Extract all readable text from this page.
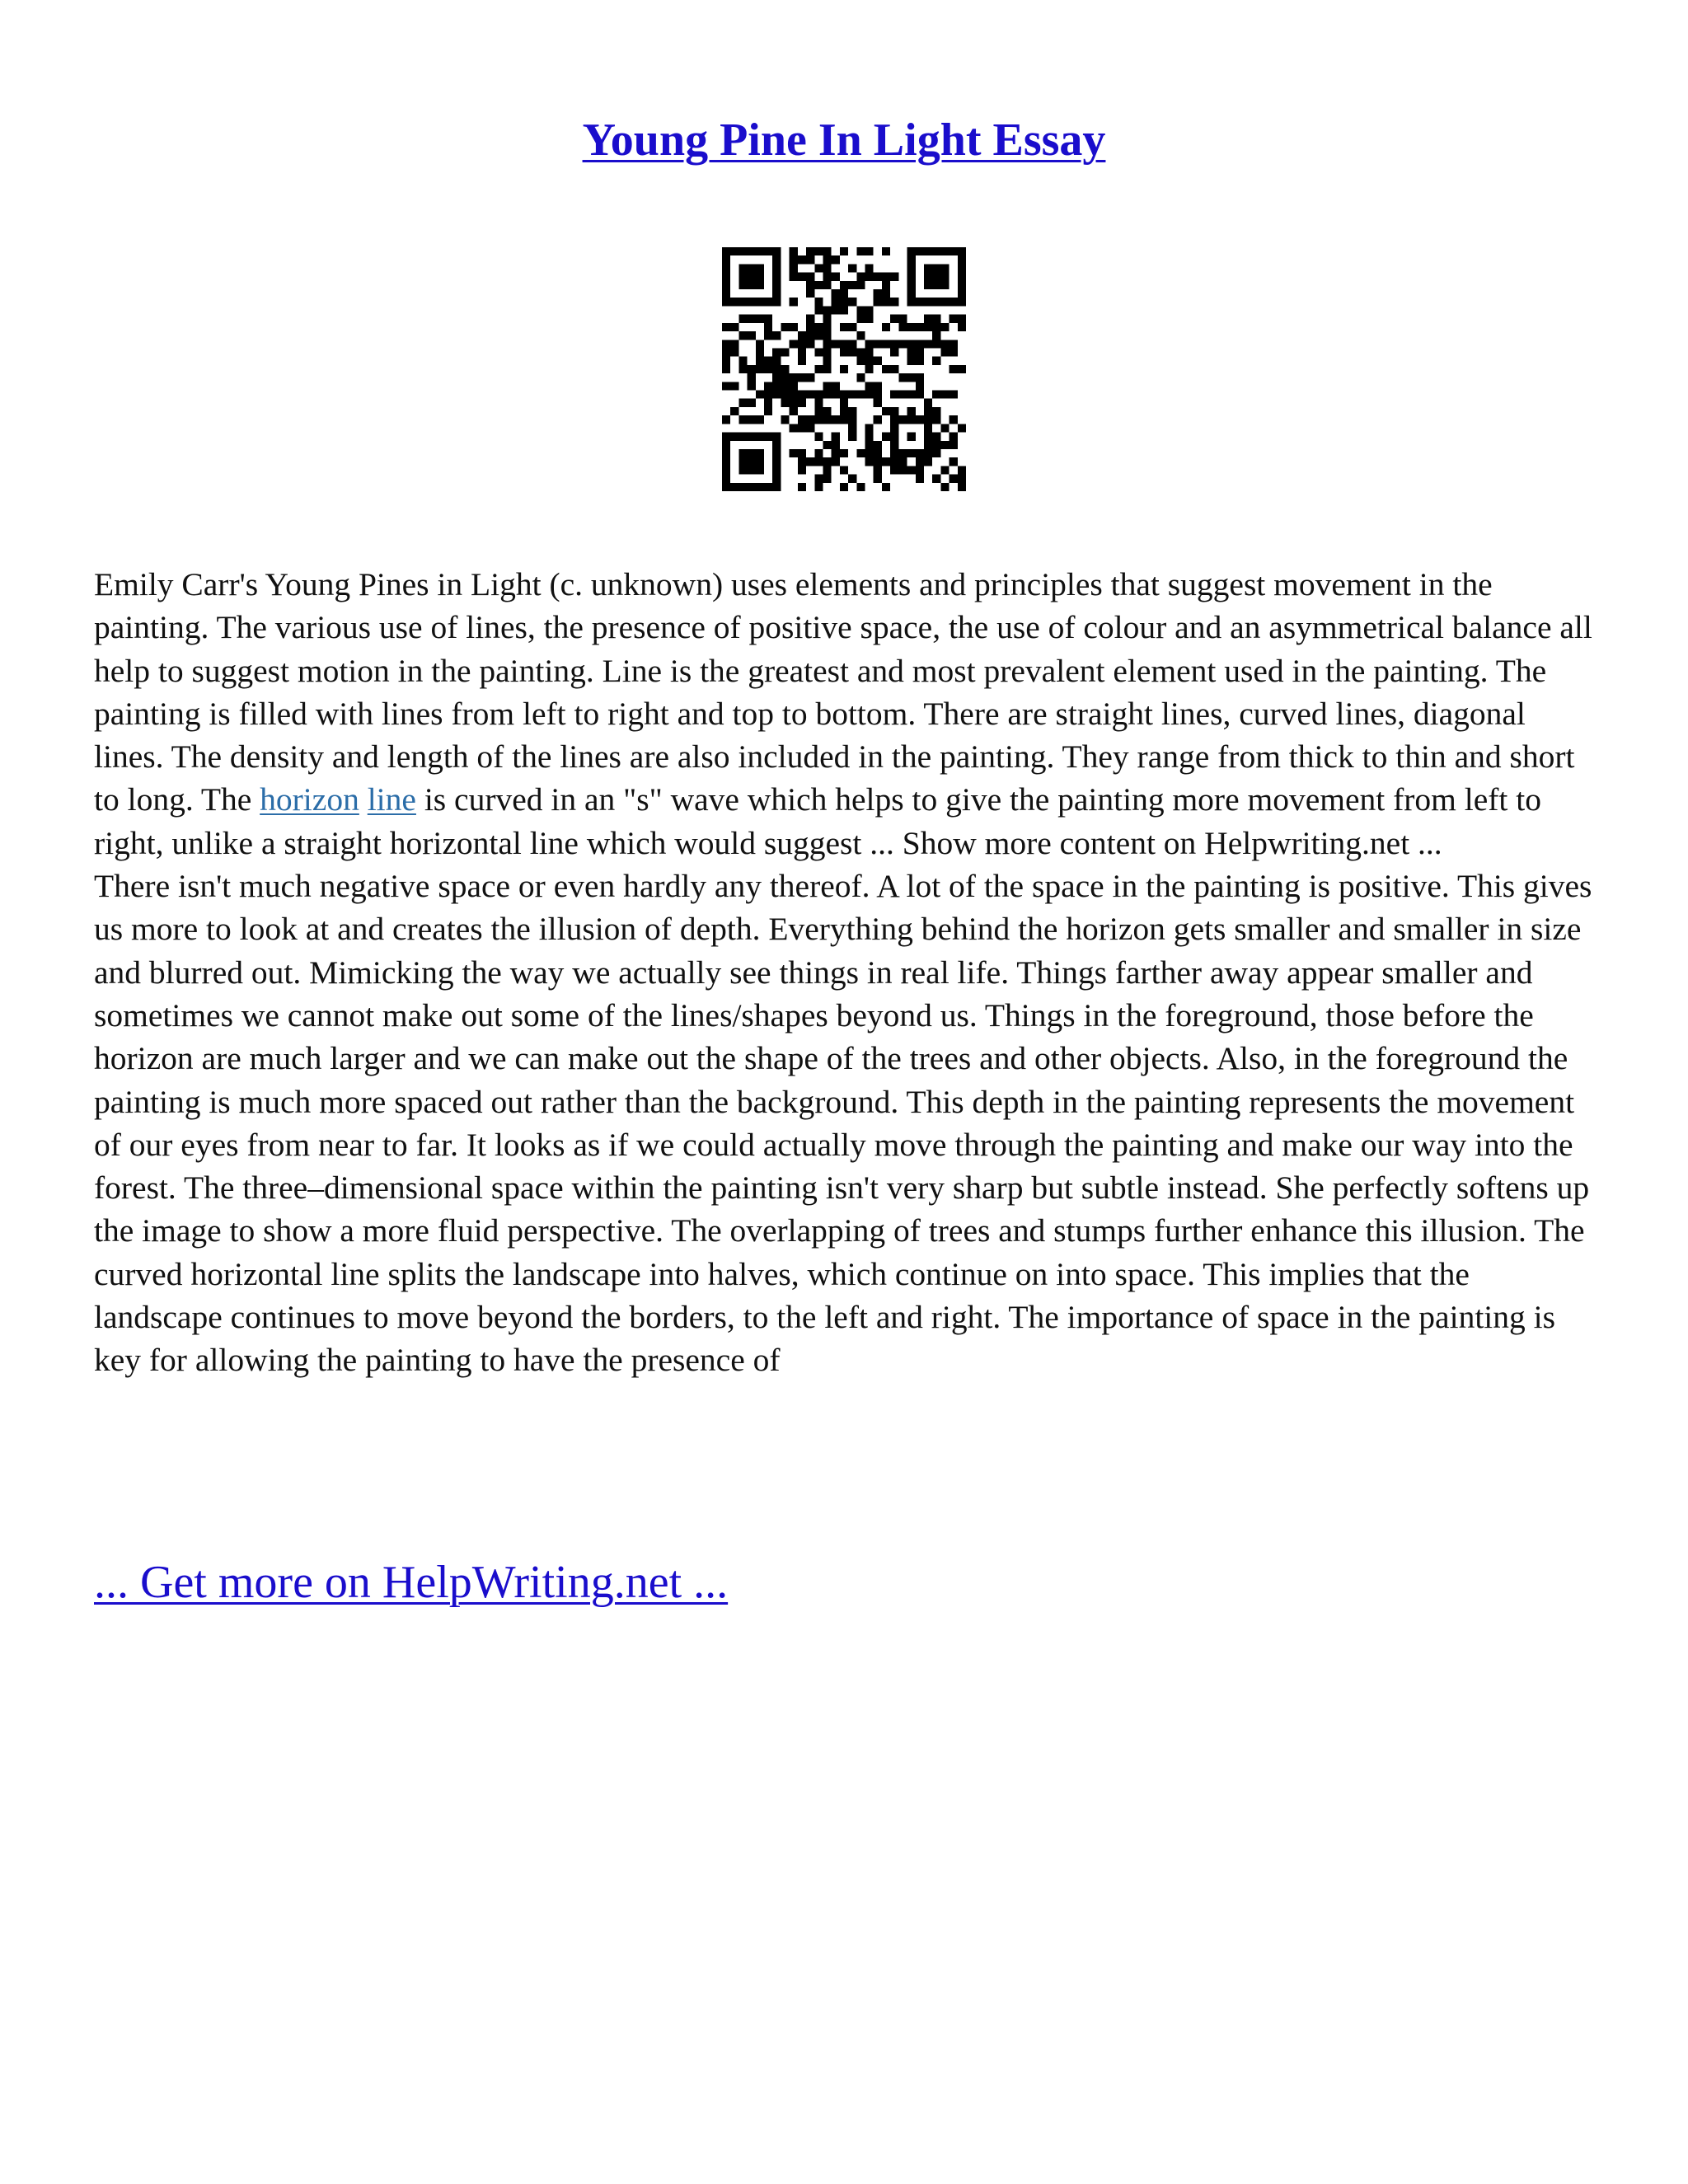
Young Pine In Light Essay

Emily Carr's Young Pines in Light (c. unknown) uses elements and principles that suggest movement in the painting. The various use of lines, the presence of positive space, the use of colour and an asymmetrical balance all help to suggest motion in the painting. Line is the greatest and most prevalent element used in the painting. The painting is filled with lines from left to right and top to bottom. There are straight lines, curved lines, diagonal lines. The density and length of the lines are also included in the painting. They range from thick to thin and short to long. The horizon line is curved in an "s" wave which helps to give the painting more movement from left to right, unlike a straight horizontal line which would suggest ... Show more content on Helpwriting.net ...

There isn't much negative space or even hardly any thereof. A lot of the space in the painting is positive. This gives us more to look at and creates the illusion of depth. Everything behind the horizon gets smaller and smaller in size and blurred out. Mimicking the way we actually see things in real life. Things farther away appear smaller and sometimes we cannot make out some of the lines/shapes beyond us. Things in the foreground, those before the horizon are much larger and we can make out the shape of the trees and other objects. Also, in the foreground the painting is much more spaced out rather than the background. This depth in the painting represents the movement of our eyes from near to far. It looks as if we could actually move through the painting and make our way into the forest. The three–dimensional space within the painting isn't very sharp but subtle instead. She perfectly softens up the image to show a more fluid perspective. The overlapping of trees and stumps further enhance this illusion. The curved horizontal line splits the landscape into halves, which continue on into space. This implies that the landscape continues to move beyond the borders, to the left and right. The importance of space in the painting is key for allowing the painting to have the presence of

... Get more on HelpWriting.net ...
